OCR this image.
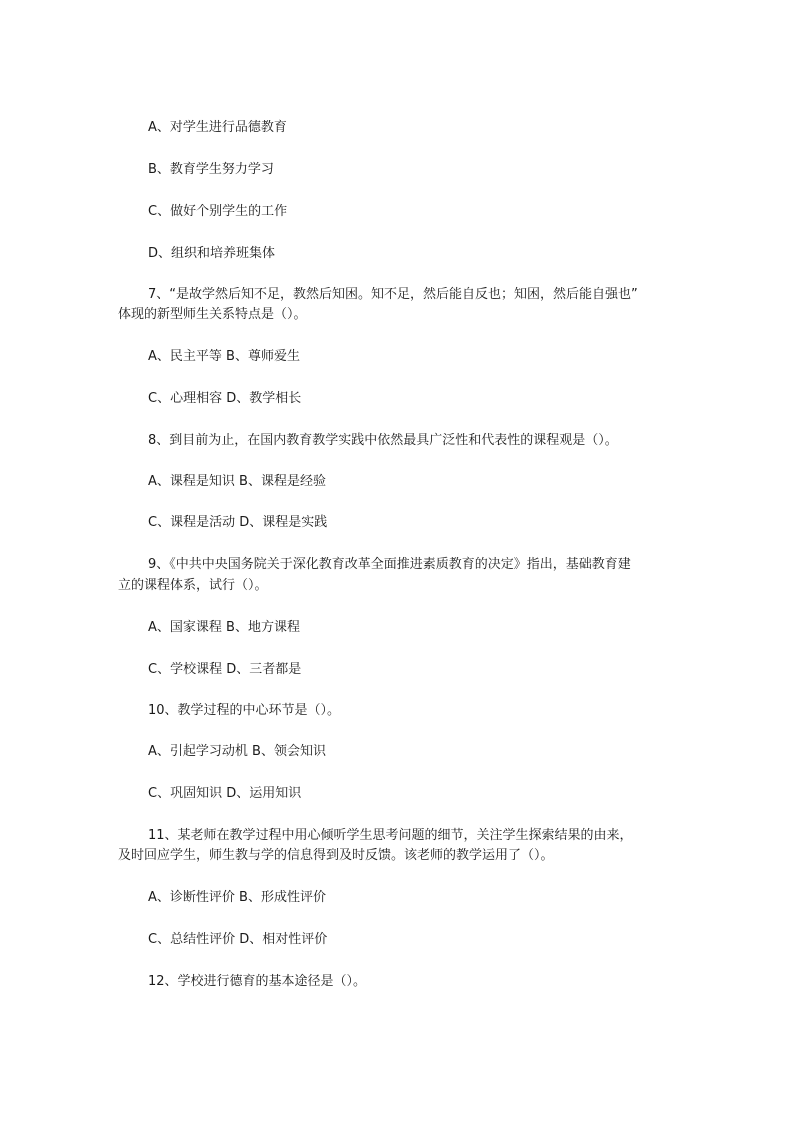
A、对学生进行品德教育
B、教育学生努力学习
C、做好个别学生的工作
D、组织和培养班集体
7、“是故学然后知不足，教然后知困。知不足，然后能自反也；知困，然后能自强也”
体现的新型师生关系特点是（）。
A、民主平等 B、尊师爱生
C、心理相容 D、教学相长
8、到目前为止，在国内教育教学实践中依然最具广泛性和代表性的课程观是（）。
A、课程是知识 B、课程是经验
C、课程是活动 D、课程是实践
9、《中共中央国务院关于深化教育改革全面推进素质教育的决定》指出，基础教育建
立的课程体系，试行（）。
A、国家课程 B、地方课程
C、学校课程 D、三者都是
10、教学过程的中心环节是（）。
A、引起学习动机 B、领会知识
C、巩固知识 D、运用知识
11、某老师在教学过程中用心倾听学生思考问题的细节，关注学生探索结果的由来，
及时回应学生，师生教与学的信息得到及时反馈。该老师的教学运用了（）。
A、诊断性评价 B、形成性评价
C、总结性评价 D、相对性评价
12、学校进行德育的基本途径是（）。
